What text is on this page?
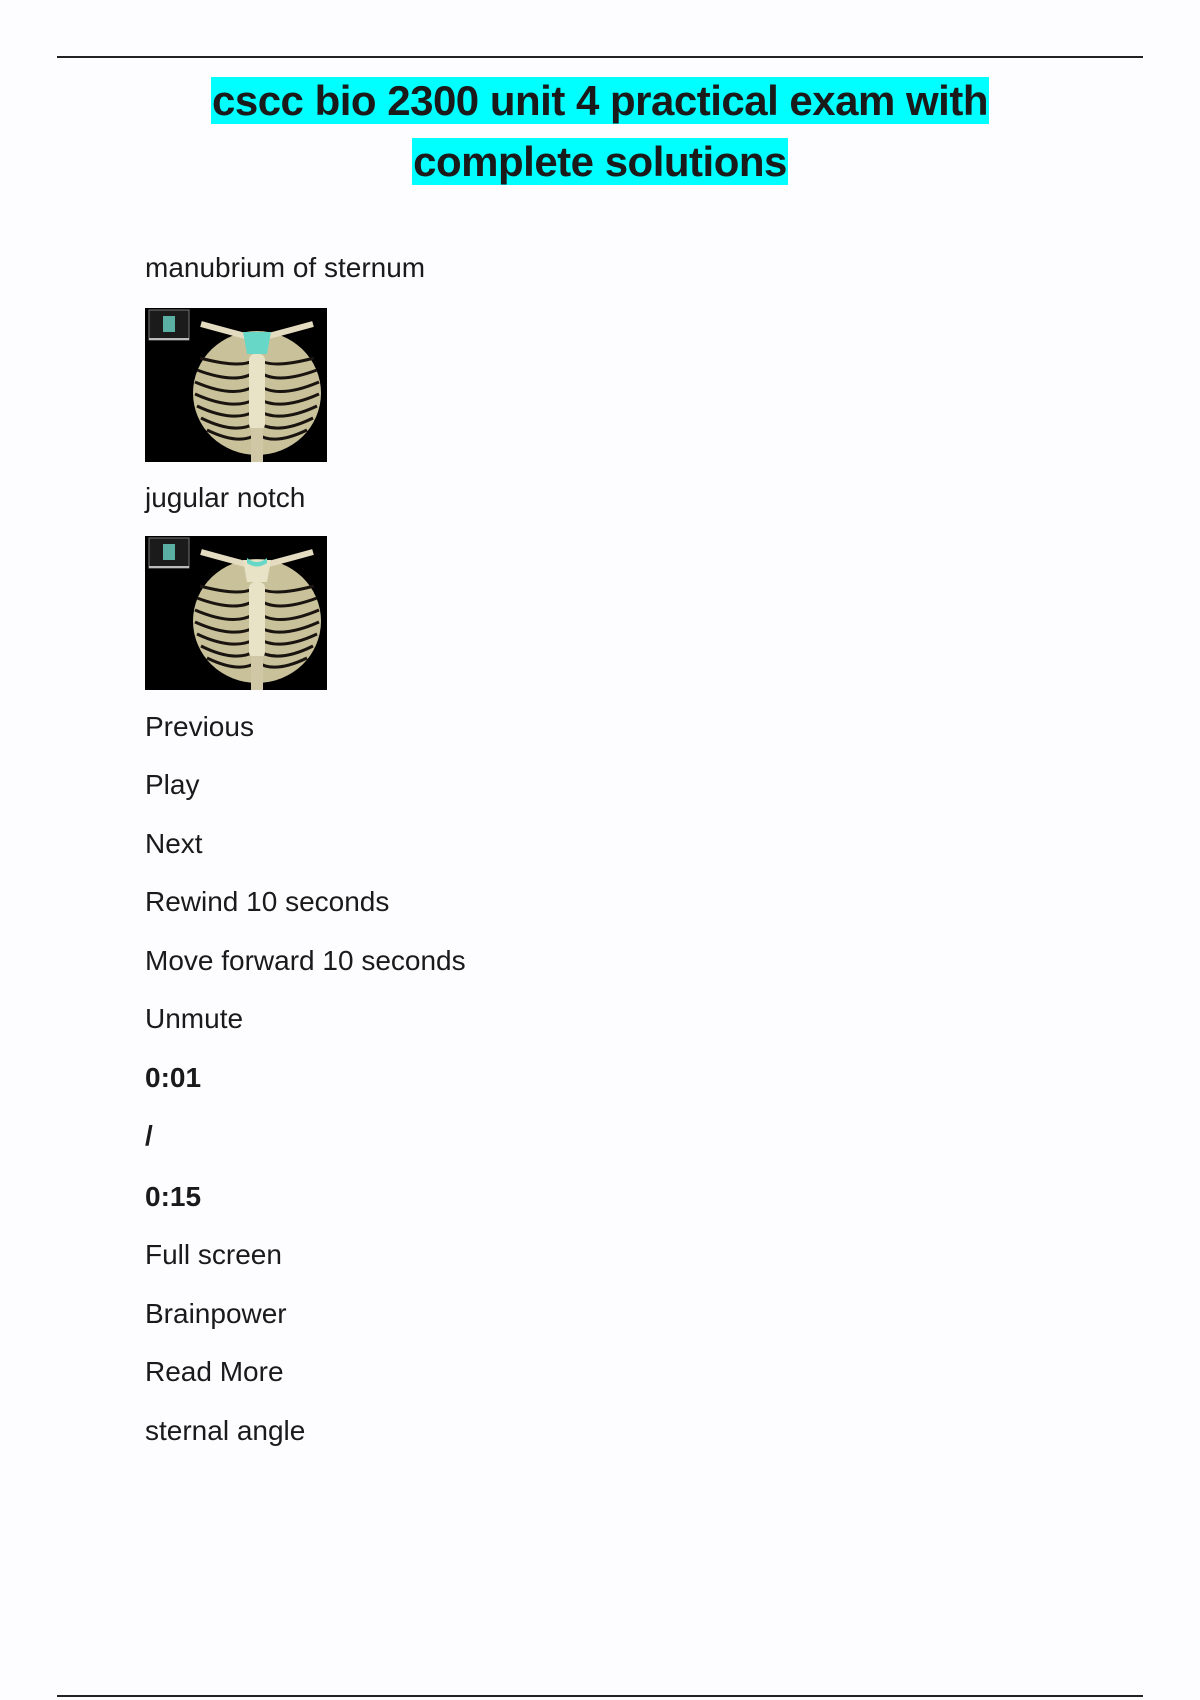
cscc bio 2300 unit 4 practical exam with complete solutions
manubrium of sternum
jugular notch
Previous
Play
Next
Rewind 10 seconds
Move forward 10 seconds
Unmute
0:01
/
0:15
Full screen
Brainpower
Read More
sternal angle
